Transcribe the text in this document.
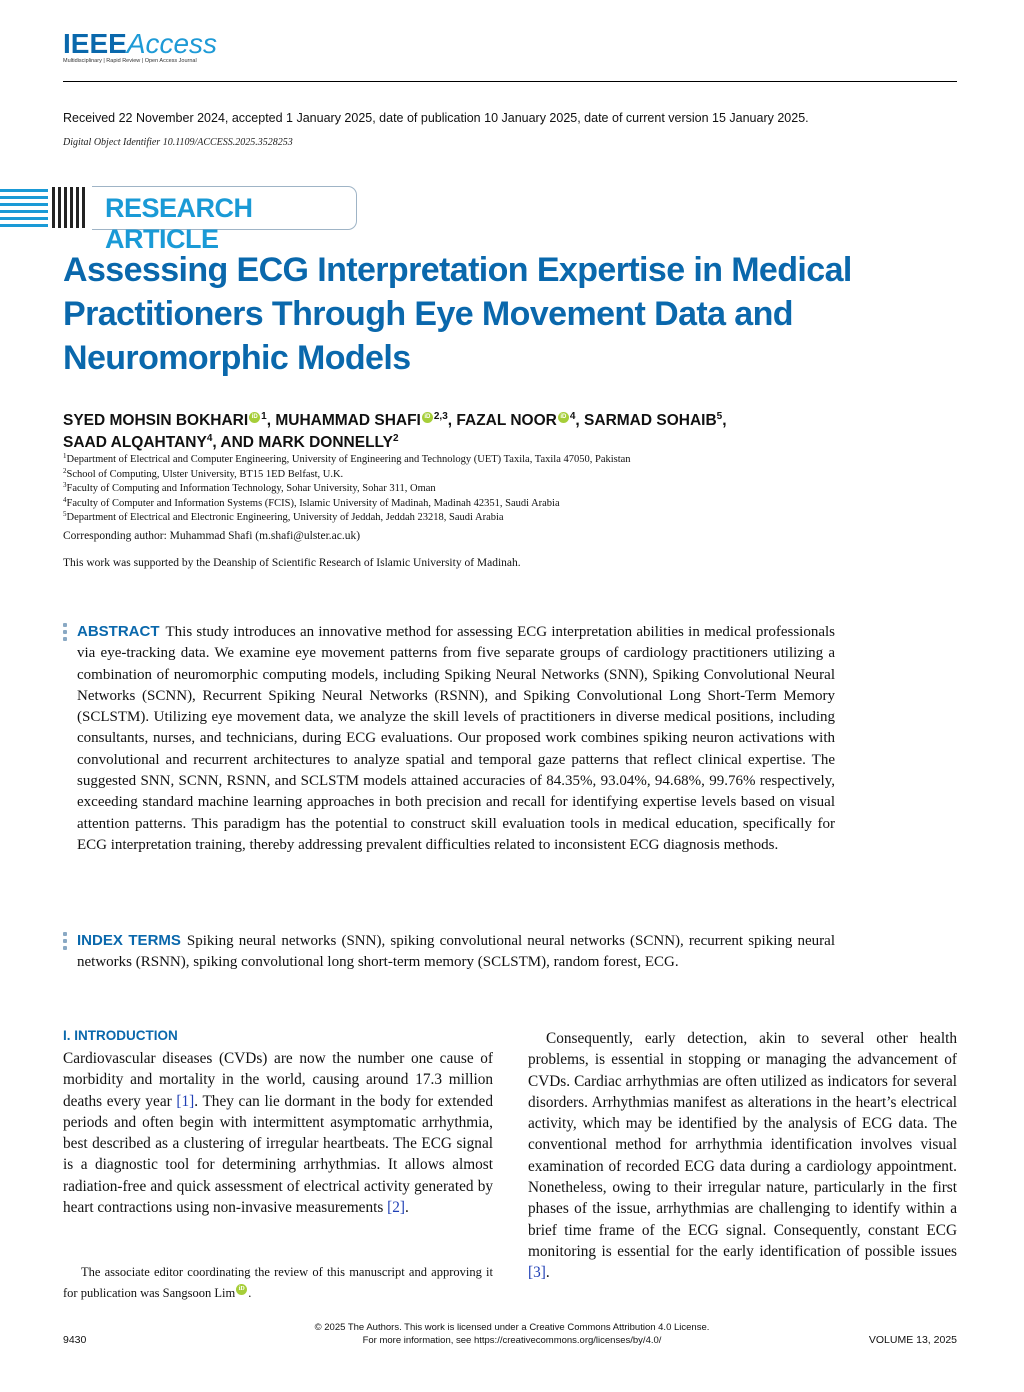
IEEEAccess
Multidisciplinary | Rapid Review | Open Access Journal
Received 22 November 2024, accepted 1 January 2025, date of publication 10 January 2025, date of current version 15 January 2025.
Digital Object Identifier 10.1109/ACCESS.2025.3528253
RESEARCH ARTICLE
Assessing ECG Interpretation Expertise in Medical Practitioners Through Eye Movement Data and Neuromorphic Models
SYED MOHSIN BOKHARI iD $^1$, MUHAMMAD SHAFI iD $^{2,3}$, FAZAL NOOR iD $^4$, SARMAD SOHAIB$^5$,
SAAD ALQAHTANY$^4$, AND MARK DONNELLY$^2$
$^1$Department of Electrical and Computer Engineering, University of Engineering and Technology (UET) Taxila, Taxila 47050, Pakistan
$^2$School of Computing, Ulster University, BT15 1ED Belfast, U.K.
$^3$Faculty of Computing and Information Technology, Sohar University, Sohar 311, Oman
$^4$Faculty of Computer and Information Systems (FCIS), Islamic University of Madinah, Madinah 42351, Saudi Arabia
$^5$Department of Electrical and Electronic Engineering, University of Jeddah, Jeddah 23218, Saudi Arabia
Corresponding author: Muhammad Shafi (m.shafi@ulster.ac.uk)
This work was supported by the Deanship of Scientific Research of Islamic University of Madinah.
ABSTRACT This study introduces an innovative method for assessing ECG interpretation abilities in medical professionals via eye-tracking data. We examine eye movement patterns from five separate groups of cardiology practitioners utilizing a combination of neuromorphic computing models, including Spiking Neural Networks (SNN), Spiking Convolutional Neural Networks (SCNN), Recurrent Spiking Neural Networks (RSNN), and Spiking Convolutional Long Short-Term Memory (SCLSTM). Utilizing eye movement data, we analyze the skill levels of practitioners in diverse medical positions, including consultants, nurses, and technicians, during ECG evaluations. Our proposed work combines spiking neuron activations with convolutional and recurrent architectures to analyze spatial and temporal gaze patterns that reflect clinical expertise. The suggested SNN, SCNN, RSNN, and SCLSTM models attained accuracies of 84.35%, 93.04%, 94.68%, 99.76% respectively, exceeding standard machine learning approaches in both precision and recall for identifying expertise levels based on visual attention patterns. This paradigm has the potential to construct skill evaluation tools in medical education, specifically for ECG interpretation training, thereby addressing prevalent difficulties related to inconsistent ECG diagnosis methods.
INDEX TERMS Spiking neural networks (SNN), spiking convolutional neural networks (SCNN), recurrent spiking neural networks (RSNN), spiking convolutional long short-term memory (SCLSTM), random forest, ECG.
I. INTRODUCTION

Cardiovascular diseases (CVDs) are now the number one cause of morbidity and mortality in the world, causing around 17.3 million deaths every year [1]. They can lie dormant in the body for extended periods and often begin with intermittent asymptomatic arrhythmia, best described as a clustering of irregular heartbeats. The ECG signal is a diagnostic tool for determining arrhythmias. It allows almost radiation-free and quick assessment of electrical activity generated by heart contractions using non-invasive measurements [2].

The associate editor coordinating the review of this manuscript and approving it for publication was Sangsoon Lim iD .

Consequently, early detection, akin to several other health problems, is essential in stopping or managing the advancement of CVDs. Cardiac arrhythmias are often utilized as indicators for several disorders. Arrhythmias manifest as alterations in the heart’s electrical activity, which may be identified by the analysis of ECG data. The conventional method for arrhythmia identification involves visual examination of recorded ECG data during a cardiology appointment. Nonetheless, owing to their irregular nature, particularly in the first phases of the issue, arrhythmias are challenging to identify within a brief time frame of the ECG signal. Consequently, constant ECG monitoring is essential for the early identification of possible issues [3].

© 2025 The Authors. This work is licensed under a Creative Commons Attribution 4.0 License.
For more information, see https://creativecommons.org/licenses/by/4.0/
9430	VOLUME 13, 2025
